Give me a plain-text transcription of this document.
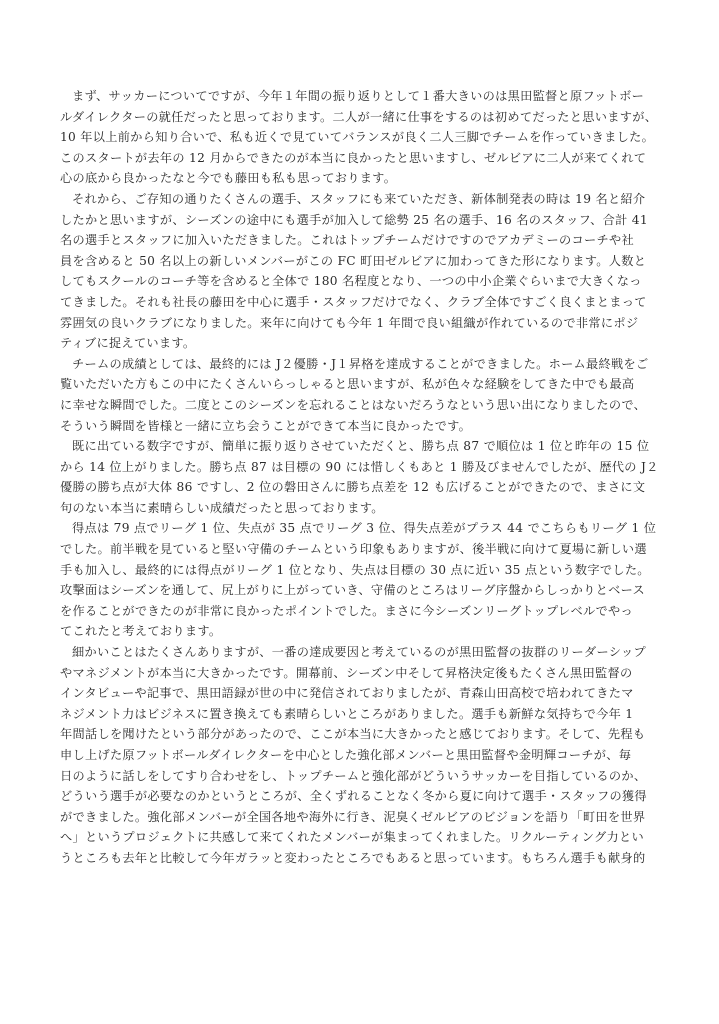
まず、サッカーについてですが、今年１年間の振り返りとして１番大きいのは黒田監督と原フットボー
ルダイレクターの就任だったと思っております。二人が一緒に仕事をするのは初めてだったと思いますが、
10 年以上前から知り合いで、私も近くで見ていてバランスが良く二人三脚でチームを作っていきました。
このスタートが去年の 12 月からできたのが本当に良かったと思いますし、ゼルビアに二人が来てくれて
心の底から良かったなと今でも藤田も私も思っております。
それから、ご存知の通りたくさんの選手、スタッフにも来ていただき、新体制発表の時は 19 名と紹介
したかと思いますが、シーズンの途中にも選手が加入して総勢 25 名の選手、16 名のスタッフ、合計 41
名の選手とスタッフに加入いただきました。これはトップチームだけですのでアカデミーのコーチや社
員を含めると 50 名以上の新しいメンバーがこの FC 町田ゼルビアに加わってきた形になります。人数と
してもスクールのコーチ等を含めると全体で 180 名程度となり、一つの中小企業ぐらいまで大きくなっ
てきました。それも社長の藤田を中心に選手・スタッフだけでなく、クラブ全体ですごく良くまとまって
雰囲気の良いクラブになりました。来年に向けても今年 1 年間で良い組織が作れているので非常にポジ
ティブに捉えています。
チームの成績としては、最終的には J２優勝・J１昇格を達成することができました。ホーム最終戦をご
覧いただいた方もこの中にたくさんいらっしゃると思いますが、私が色々な経験をしてきた中でも最高
に幸せな瞬間でした。二度とこのシーズンを忘れることはないだろうなという思い出になりましたので、
そういう瞬間を皆様と一緒に立ち会うことができて本当に良かったです。
既に出ている数字ですが、簡単に振り返りさせていただくと、勝ち点 87 で順位は 1 位と昨年の 15 位
から 14 位上がりました。勝ち点 87 は目標の 90 には惜しくもあと 1 勝及びませんでしたが、歴代の J２
優勝の勝ち点が大体 86 ですし、2 位の磐田さんに勝ち点差を 12 も広げることができたので、まさに文
句のない本当に素晴らしい成績だったと思っております。
得点は 79 点でリーグ 1 位、失点が 35 点でリーグ 3 位、得失点差がプラス 44 でこちらもリーグ 1 位
でした。前半戦を見ていると堅い守備のチームという印象もありますが、後半戦に向けて夏場に新しい選
手も加入し、最終的には得点がリーグ 1 位となり、失点は目標の 30 点に近い 35 点という数字でした。
攻撃面はシーズンを通して、尻上がりに上がっていき、守備のところはリーグ序盤からしっかりとベース
を作ることができたのが非常に良かったポイントでした。まさに今シーズンリーグトップレベルでやっ
てこれたと考えております。
細かいことはたくさんありますが、一番の達成要因と考えているのが黒田監督の抜群のリーダーシップ
やマネジメントが本当に大きかったです。開幕前、シーズン中そして昇格決定後もたくさん黒田監督の
インタビューや記事で、黒田語録が世の中に発信されておりましたが、青森山田高校で培われてきたマ
ネジメント力はビジネスに置き換えても素晴らしいところがありました。選手も新鮮な気持ちで今年 1
年間話しを聞けたという部分があったので、ここが本当に大きかったと感じております。そして、先程も
申し上げた原フットボールダイレクターを中心とした強化部メンバーと黒田監督や金明輝コーチが、毎
日のように話しをしてすり合わせをし、トップチームと強化部がどういうサッカーを目指しているのか、
どういう選手が必要なのかというところが、全くずれることなく冬から夏に向けて選手・スタッフの獲得
ができました。強化部メンバーが全国各地や海外に行き、泥臭くゼルビアのビジョンを語り「町田を世界
へ」というプロジェクトに共感して来てくれたメンバーが集まってくれました。リクルーティング力とい
うところも去年と比較して今年ガラッと変わったところでもあると思っています。もちろん選手も献身的
